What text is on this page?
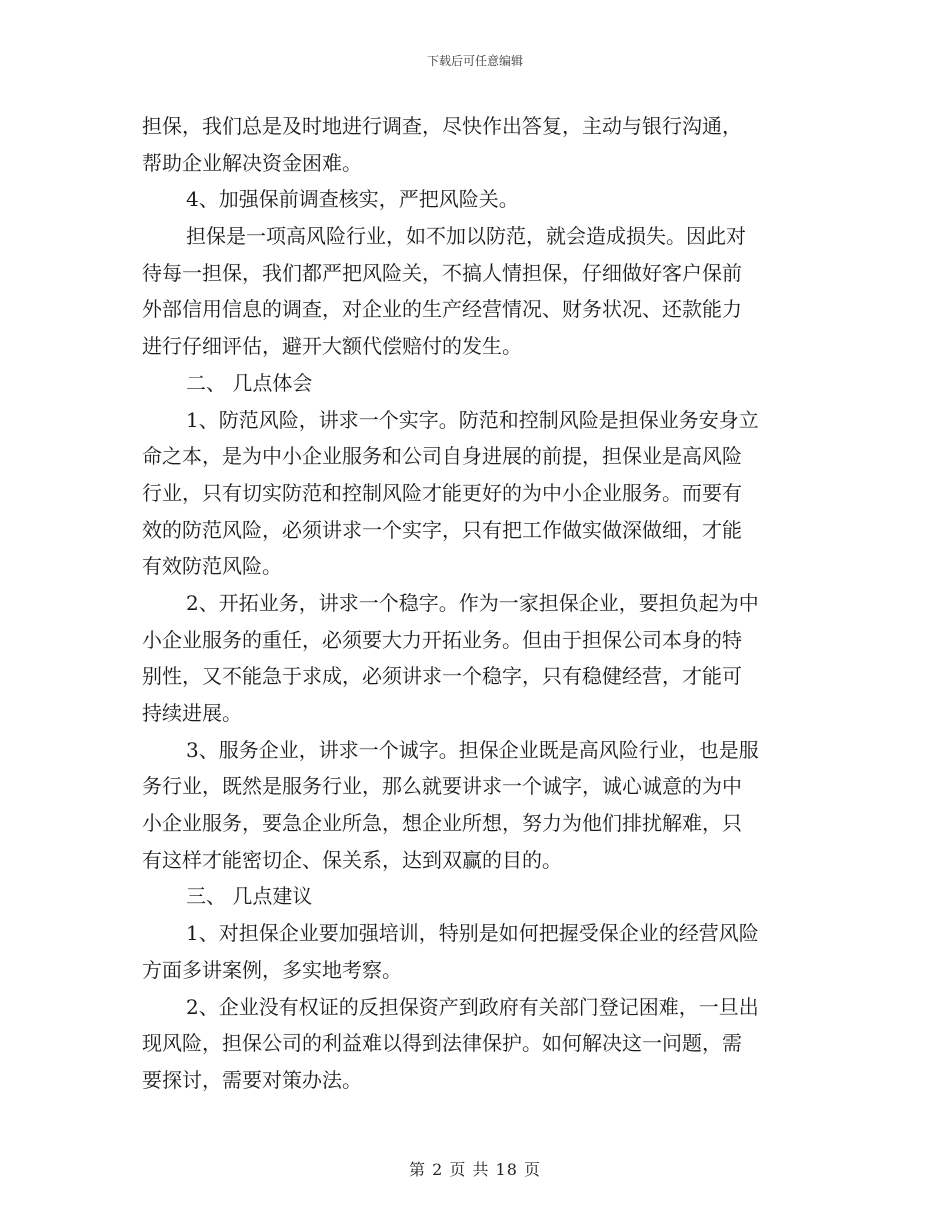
下载后可任意编辑
担保，我们总是及时地进行调查，尽快作出答复，主动与银行沟通，
帮助企业解决资金困难。
4、加强保前调查核实，严把风险关。
担保是一项高风险行业，如不加以防范，就会造成损失。因此对
待每一担保，我们都严把风险关，不搞人情担保，仔细做好客户保前
外部信用信息的调查，对企业的生产经营情况、财务状况、还款能力
进行仔细评估，避开大额代偿赔付的发生。
二、 几点体会
1、防范风险，讲求一个实字。防范和控制风险是担保业务安身立
命之本，是为中小企业服务和公司自身进展的前提，担保业是高风险
行业，只有切实防范和控制风险才能更好的为中小企业服务。而要有
效的防范风险，必须讲求一个实字，只有把工作做实做深做细，才能
有效防范风险。
2、开拓业务，讲求一个稳字。作为一家担保企业，要担负起为中
小企业服务的重任，必须要大力开拓业务。但由于担保公司本身的特
别性，又不能急于求成，必须讲求一个稳字，只有稳健经营，才能可
持续进展。
3、服务企业，讲求一个诚字。担保企业既是高风险行业，也是服
务行业，既然是服务行业，那么就要讲求一个诚字，诚心诚意的为中
小企业服务，要急企业所急，想企业所想，努力为他们排扰解难，只
有这样才能密切企、保关系，达到双赢的目的。
三、 几点建议
1、对担保企业要加强培训，特别是如何把握受保企业的经营风险
方面多讲案例，多实地考察。
2、企业没有权证的反担保资产到政府有关部门登记困难，一旦出
现风险，担保公司的利益难以得到法律保护。如何解决这一问题，需
要探讨，需要对策办法。
第 2 页 共 18 页
